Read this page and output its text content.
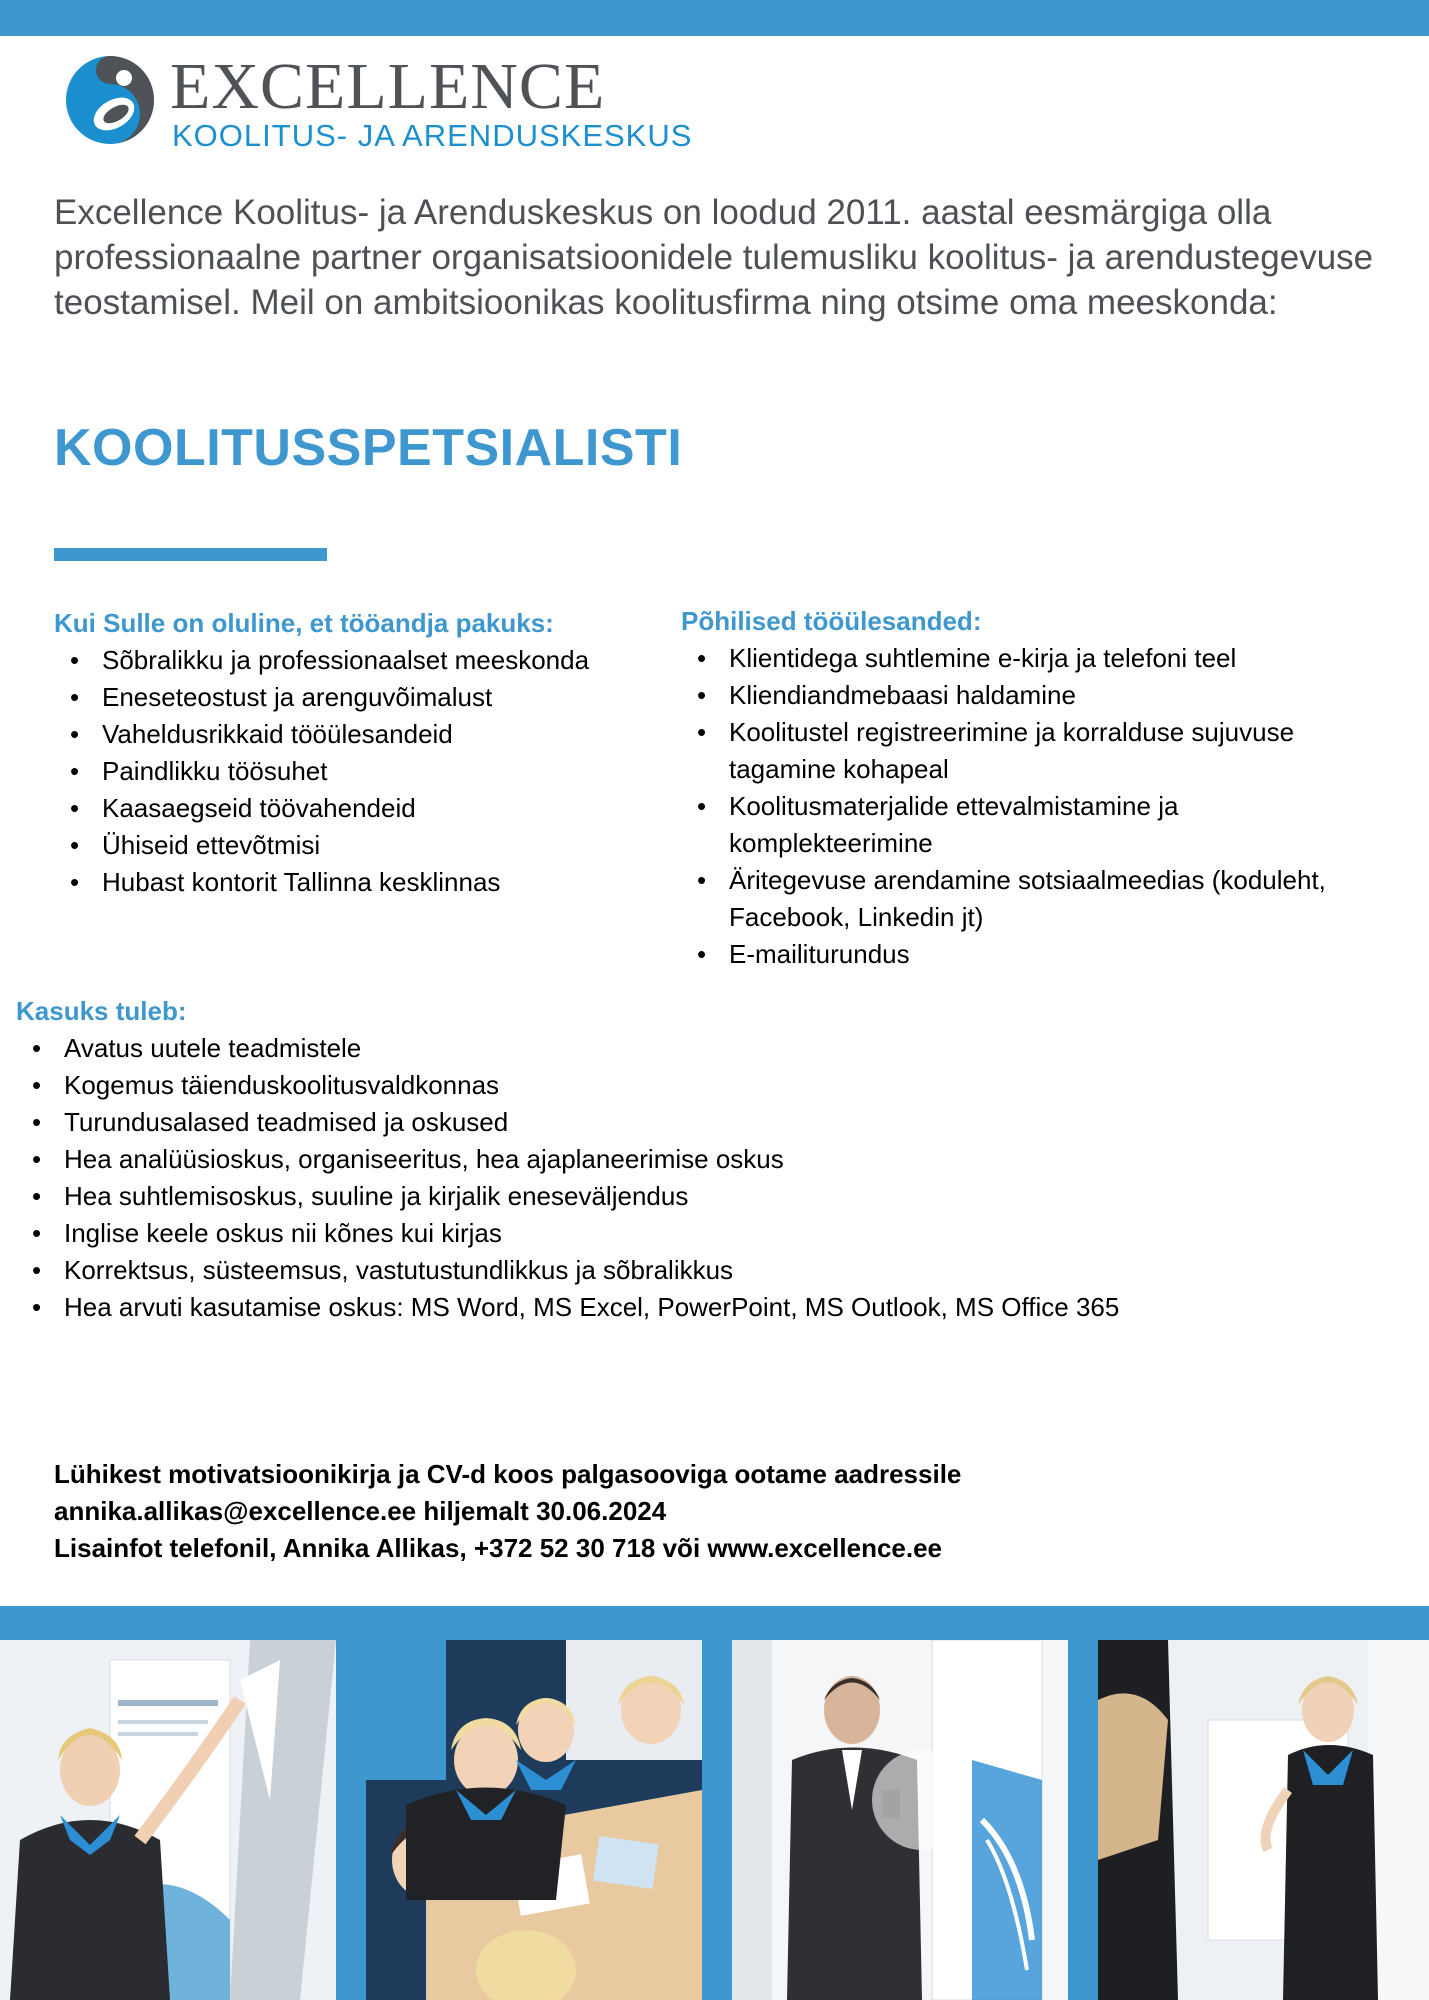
EXCELLENCE
KOOLITUS- JA ARENDUSKESKUS
Excellence Koolitus- ja Arenduskeskus on loodud 2011. aastal eesmärgiga olla professionaalne partner organisatsioonidele tulemusliku koolitus- ja arendustegevuse teostamisel. Meil on ambitsioonikas koolitusfirma ning otsime oma meeskonda:
KOOLITUSSPETSIALISTI
Kui Sulle on oluline, et tööandja pakuks:
• Sõbralikku ja professionaalset meeskonda
• Eneseteostust ja arenguvõimalust
• Vaheldusrikkaid tööülesandeid
• Paindlikku töösuhet
• Kaasaegseid töövahendeid
• Ühiseid ettevõtmisi
• Hubast kontorit Tallinna kesklinnas
Põhilised tööülesanded:
• Klientidega suhtlemine e-kirja ja telefoni teel
• Kliendiandmebaasi haldamine
• Koolitustel registreerimine ja korralduse sujuvuse tagamine kohapeal
• Koolitusmaterjalide ettevalmistamine ja komplekteerimine
• Äritegevuse arendamine sotsiaalmeedias (koduleht, Facebook, Linkedin jt)
• E-mailiturundus
Kasuks tuleb:
• Avatus uutele teadmistele
• Kogemus täienduskoolitusvaldkonnas
• Turundusalased teadmised ja oskused
• Hea analüüsioskus, organiseeritus, hea ajaplaneerimise oskus
• Hea suhtlemisoskus, suuline ja kirjalik eneseväljendus
• Inglise keele oskus nii kõnes kui kirjas
• Korrektsus, süsteemsus, vastutustundlikkus ja sõbralikkus
• Hea arvuti kasutamise oskus: MS Word, MS Excel, PowerPoint, MS Outlook, MS Office 365
Lühikest motivatsioonikirja ja CV-d koos palgasooviga ootame aadressile
annika.allikas@excellence.ee hiljemalt 30.06.2024
Lisainfot telefonil, Annika Allikas, +372 52 30 718 või www.excellence.ee
